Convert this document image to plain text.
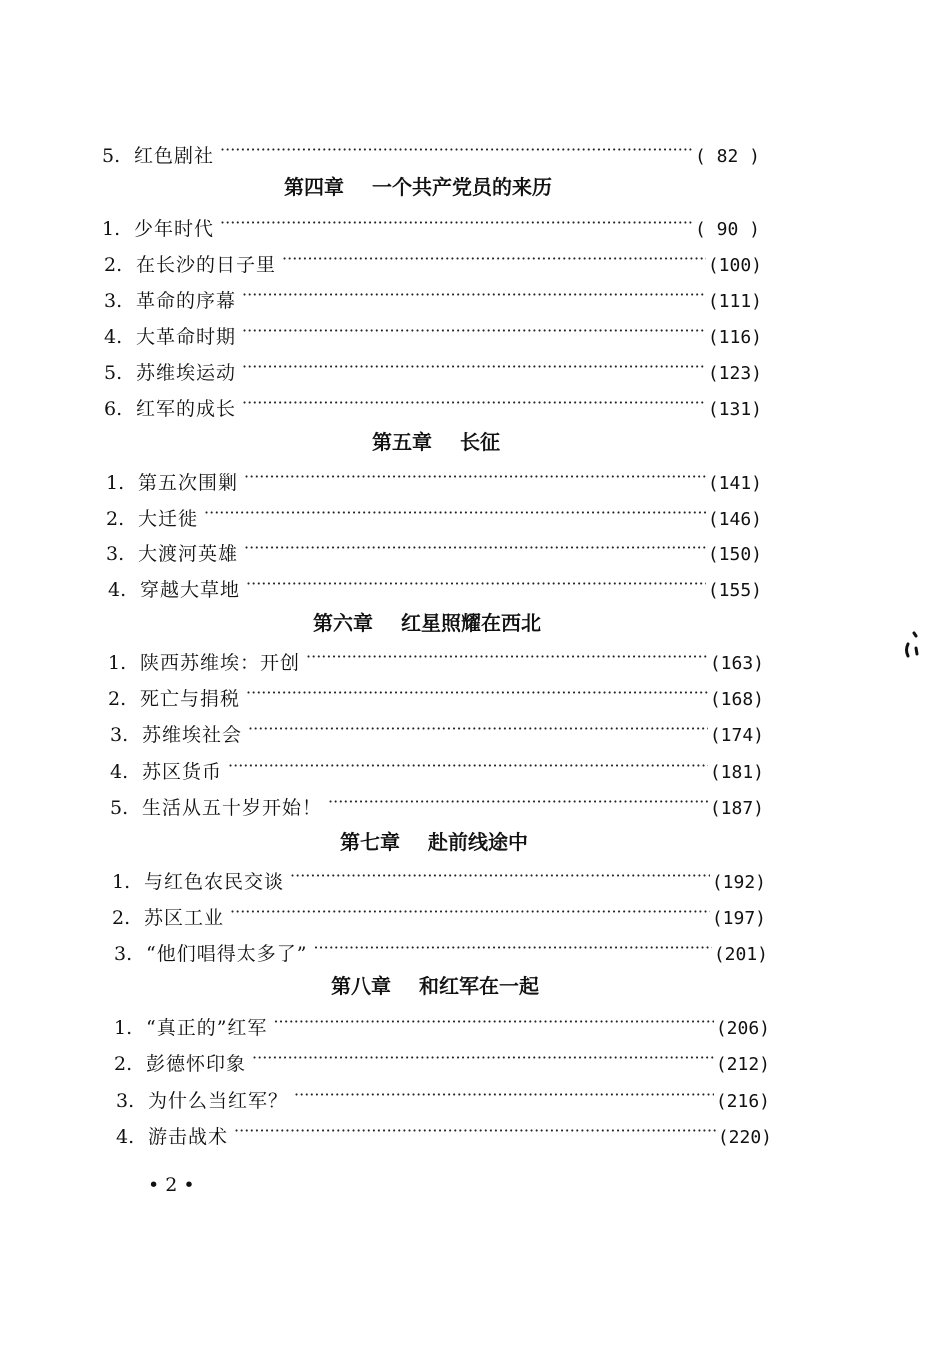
5. 红色剧社 ·····	( 82 )
第四章 一个共产党员的来历
1. 少年时代 ·····	( 90 )
2. 在长沙的日子里 ·····	(100)
3. 革命的序幕 ·····	(111)
4. 大革命时期 ·····	(116)
5. 苏维埃运动 ·····	(123)
6. 红军的成长 ·····	(131)
第五章 长征
1. 第五次围剿 ·····	(141)
2. 大迁徙 ·····	(146)
3. 大渡河英雄 ·····	(150)
4. 穿越大草地 ·····	(155)
第六章 红星照耀在西北
1. 陕西苏维埃：开创 ·····	(163)
2. 死亡与捐税 ·····	(168)
3. 苏维埃社会 ·····	(174)
4. 苏区货币 ·····	(181)
5. 生活从五十岁开始！ ·····	(187)
第七章 赴前线途中
1. 与红色农民交谈 ·····	(192)
2. 苏区工业 ·····	(197)
3. “他们唱得太多了” ·····	(201)
第八章 和红军在一起
1. “真正的”红军 ·····	(206)
2. 彭德怀印象 ·····	(212)
3. 为什么当红军？ ·····	(216)
4. 游击战术 ·····	(220)
• 2 •
